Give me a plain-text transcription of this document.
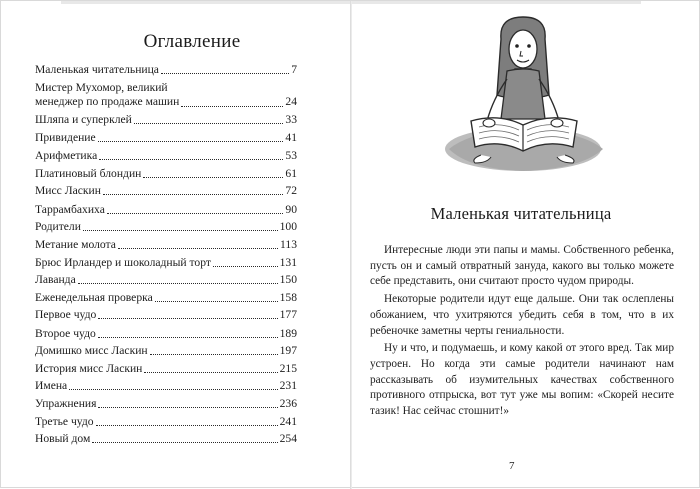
Оглавление
Маленькая читательница	7
Мистер Мухомор, великий
менеджер по продаже машин	24
Шляпа и суперклей	33
Привидение	41
Арифметика	53
Платиновый блондин	61
Мисс Ласкин	72
Таррамбахиха	90
Родители	100
Метание молота	113
Брюс Ирландер и шоколадный торт	131
Лаванда	150
Еженедельная проверка	158
Первое чудо	177
Второе чудо	189
Домишко мисс Ласкин	197
История мисс Ласкин	215
Имена	231
Упражнения	236
Третье чудо	241
Новый дом	254
Маленькая читательница

Интересные люди эти папы и мамы. Собственного ребенка, пусть он и самый отвратный зануда, какого вы только можете себе представить, они считают просто чудом природы.

Некоторые родители идут еще дальше. Они так ослеплены обожанием, что ухитряются убедить себя в том, что в их ребеночке заметны черты гениальности.

Ну и что, и подумаешь, и кому какой от этого вред. Так мир устроен. Но когда эти самые родители начинают нам рассказывать об изумительных качествах собственного противного отпрыска, вот тут уже мы вопим: «Скорей несите тазик! Нас сейчас стошнит!»

7
